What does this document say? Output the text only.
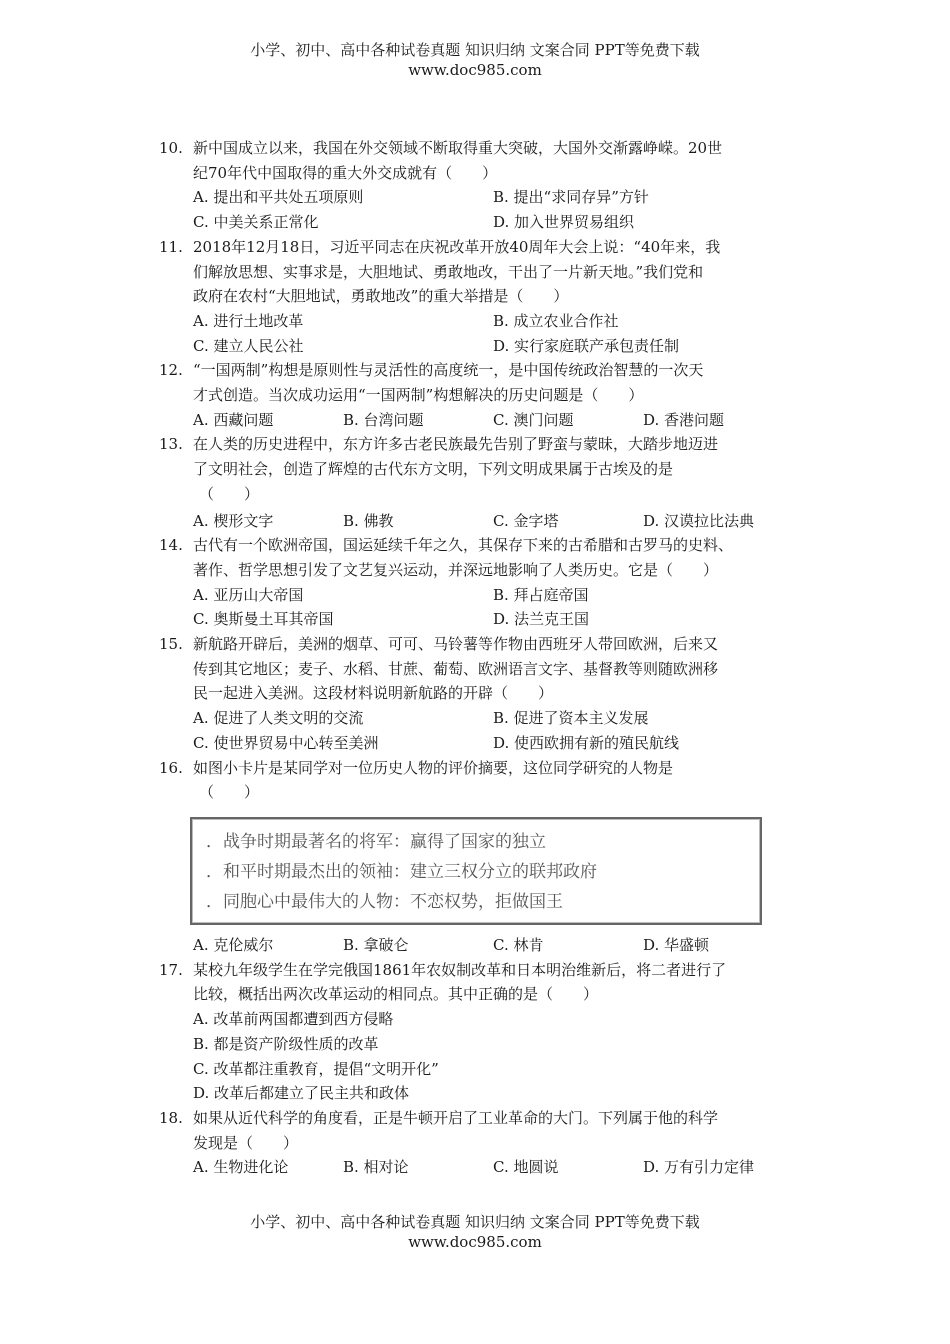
小学、初中、高中各种试卷真题 知识归纳 文案合同 PPT等免费下载
www.doc985.com
10. 新中国成立以来，我国在外交领域不断取得重大突破，大国外交渐露峥嵘。20世
纪70年代中国取得的重大外交成就有（　　）
A. 提出和平共处五项原则	B. 提出“求同存异”方针
C. 中美关系正常化	D. 加入世界贸易组织
11. 2018年12月18日，习近平同志在庆祝改革开放40周年大会上说：“40年来，我
们解放思想、实事求是，大胆地试、勇敢地改，干出了一片新天地。”我们党和
政府在农村“大胆地试，勇敢地改”的重大举措是（　　）
A. 进行土地改革	B. 成立农业合作社
C. 建立人民公社	D. 实行家庭联产承包责任制
12. “一国两制”构想是原则性与灵活性的高度统一，是中国传统政治智慧的一次天
才式创造。当次成功运用“一国两制”构想解决的历史问题是（　　）
A. 西藏问题	B. 台湾问题	C. 澳门问题	D. 香港问题
13. 在人类的历史进程中，东方许多古老民族最先告别了野蛮与蒙昧，大踏步地迈进
了文明社会，创造了辉煌的古代东方文明，下列文明成果属于古埃及的是
（　　）
A. 楔形文字	B. 佛教	C. 金字塔	D. 汉谟拉比法典
14. 古代有一个欧洲帝国，国运延续千年之久，其保存下来的古希腊和古罗马的史料、
著作、哲学思想引发了文艺复兴运动，并深远地影响了人类历史。它是（　　）
A. 亚历山大帝国	B. 拜占庭帝国
C. 奥斯曼土耳其帝国	D. 法兰克王国
15. 新航路开辟后，美洲的烟草、可可、马铃薯等作物由西班牙人带回欧洲，后来又
传到其它地区；麦子、水稻、甘蔗、葡萄、欧洲语言文字、基督教等则随欧洲移
民一起进入美洲。这段材料说明新航路的开辟（　　）
A. 促进了人类文明的交流	B. 促进了资本主义发展
C. 使世界贸易中心转至美洲	D. 使西欧拥有新的殖民航线
16. 如图小卡片是某同学对一位历史人物的评价摘要，这位同学研究的人物是
（　　）
．战争时期最著名的将军：赢得了国家的独立
．和平时期最杰出的领袖：建立三权分立的联邦政府
．同胞心中最伟大的人物：不恋权势，拒做国王
A. 克伦威尔	B. 拿破仑	C. 林肯	D. 华盛顿
17. 某校九年级学生在学完俄国1861年农奴制改革和日本明治维新后，将二者进行了
比较，概括出两次改革运动的相同点。其中正确的是（　　）
A. 改革前两国都遭到西方侵略
B. 都是资产阶级性质的改革
C. 改革都注重教育，提倡“文明开化”
D. 改革后都建立了民主共和政体
18. 如果从近代科学的角度看，正是牛顿开启了工业革命的大门。下列属于他的科学
发现是（　　）
A. 生物进化论	B. 相对论	C. 地圆说	D. 万有引力定律
小学、初中、高中各种试卷真题 知识归纳 文案合同 PPT等免费下载
www.doc985.com
